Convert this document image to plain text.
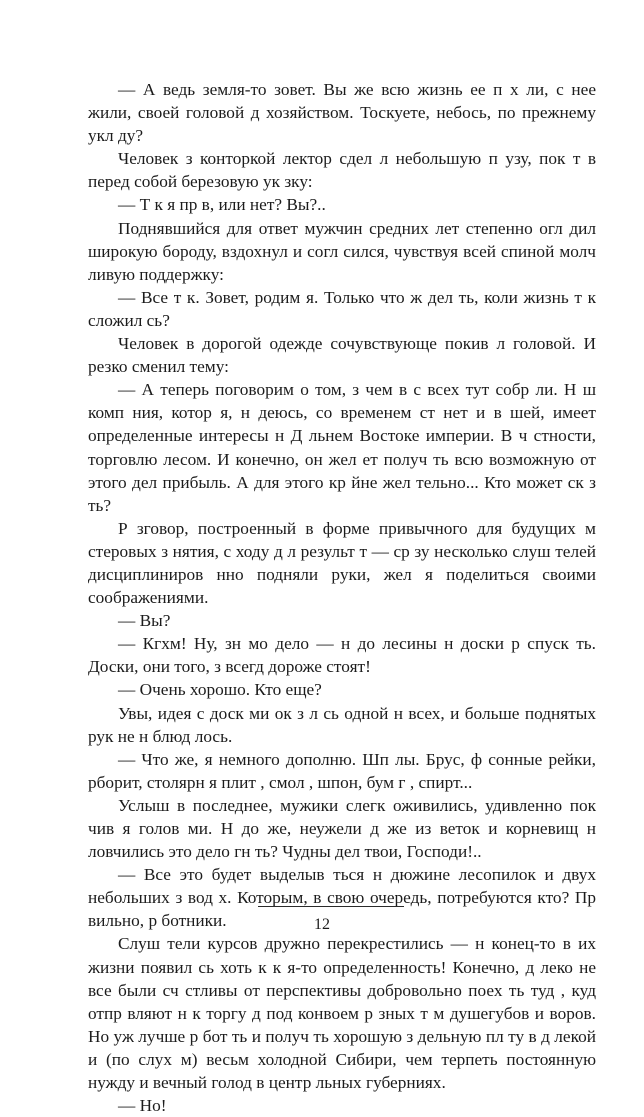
— А ведь земля-то зовет. Вы же всю жизнь ее п х ли, с нее жили, своей головой д хозяйством. Тоскуете, небось, по прежнему укл ду?

Человек з конторкой лектор сдел л небольшую п узу, пок т в перед собой березовую ук зку:

— Т к я пр в, или нет? Вы?..

Поднявшийся для ответ мужчин средних лет степенно огл дил широкую бороду, вздохнул и согл сился, чувствуя всей спиной молч ливую поддержку:

— Все т к. Зовет, родим я. Только что ж дел ть, коли жизнь т к сложил сь?

Человек в дорогой одежде сочувствующе покив л головой. И резко сменил тему:

— А теперь поговорим о том, з чем в с всех тут собр ли. Н ш комп ния, котор я, н деюсь, со временем ст нет и в шей, имеет определенные интересы н Д льнем Востоке империи. В ч стности, торговлю лесом. И конечно, он жел ет получ ть всю возможную от этого дел прибыль. А для этого кр йне жел тельно... Кто может ск з ть?

Р зговор, построенный в форме привычного для будущих м стеровых з нятия, с ходу д л результ т — ср зу несколько слуш телей дисциплиниров нно подняли руки, жел я поделиться своими соображениями.

— Вы?

— Кгхм! Ну, зн мо дело — н до лесины н доски р спуск ть. Доски, они того, з всегд дороже стоят!

— Очень хорошо. Кто еще?

Увы, идея с доск ми ок з л сь одной н всех, и больше поднятых рук не н блюд лось.

— Что же, я немного дополню. Шп лы. Брус, ф сонные рейки, рборит, столярн я плит , смол , шпон, бум г , спирт...

Услыш в последнее, мужики слегк оживились, удивленно пок чив я голов ми. Н до же, неужели д же из веток и корневищ н ловчились это дело гн ть? Чудны дел твои, Господи!..

— Все это будет выделыв ться н дюжине лесопилок и двух небольших з вод х. Которым, в свою очередь, потребуются кто? Пр вильно, р ботники.

Слуш тели курсов дружно перекрестились — н конец-то в их жизни появил сь хоть к к я-то определенность! Конечно, д леко не все были сч стливы от перспективы добровольно поех ть туд , куд отпр вляют н к торгу д под конвоем р зных т м душегубов и воров. Но уж лучше р бот ть и получ ть хорошую з дельную пл ту в д лекой и (по слух м) весьм холодной Сибири, чем терпеть постоянную нужду и вечный голод в центр льных губерниях.

— Но!

12
